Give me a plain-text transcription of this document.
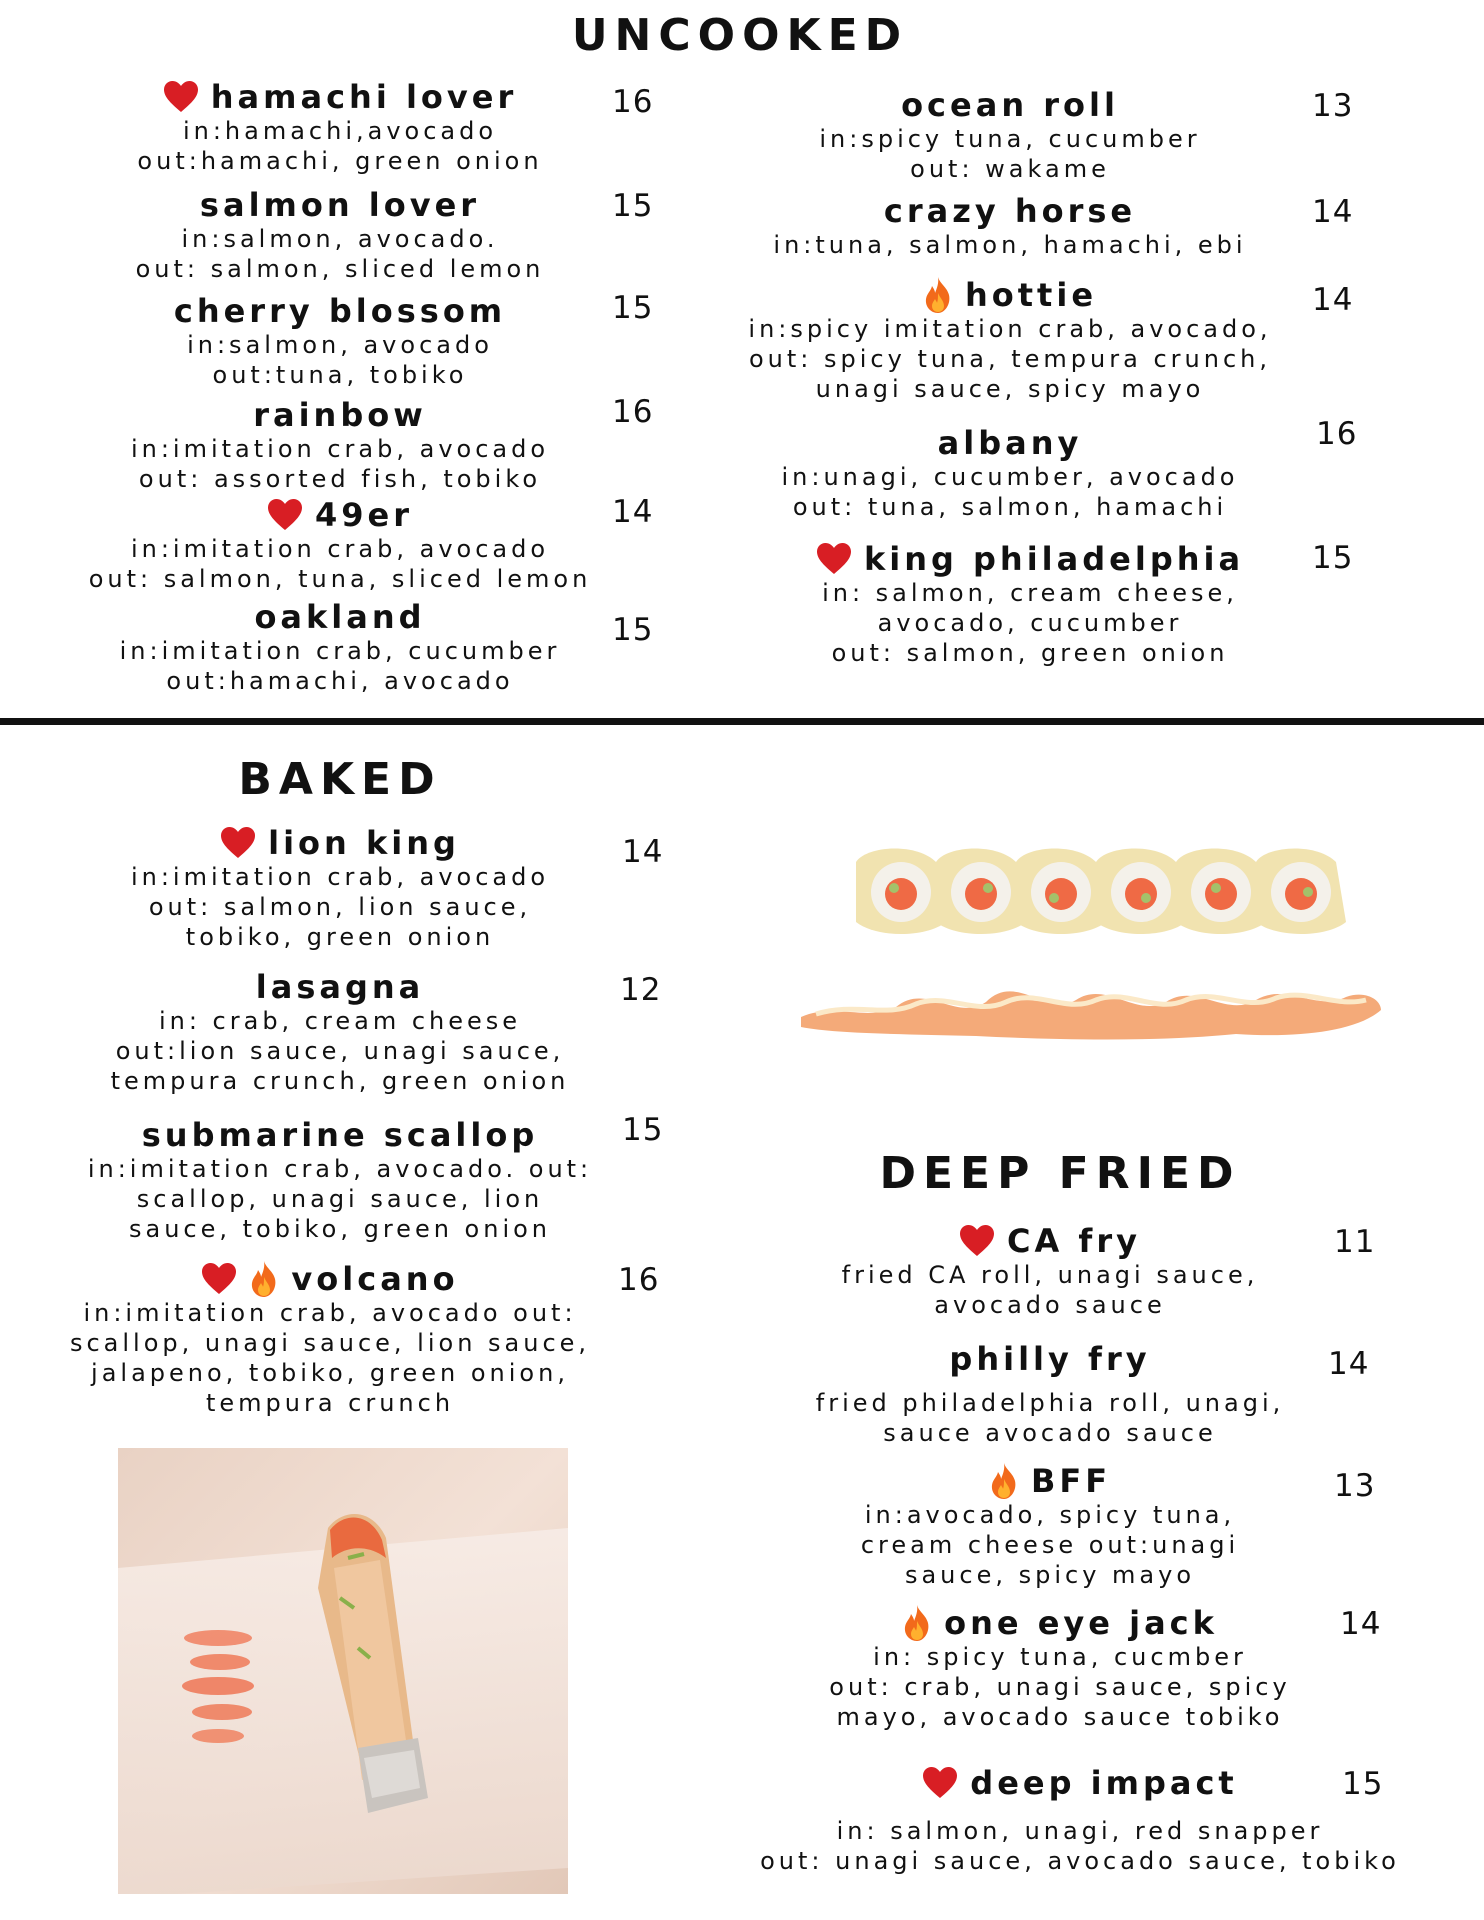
UNCOOKED
hamachi lover
in:hamachi,avocado
out:hamachi, green onion
16
salmon lover
in:salmon, avocado.
out: salmon, sliced lemon
15
cherry blossom
in:salmon, avocado
out:tuna, tobiko
15
rainbow
in:imitation crab, avocado
out: assorted fish, tobiko
16
49er
in:imitation crab, avocado
out: salmon, tuna, sliced lemon
14
oakland
in:imitation crab, cucumber
out:hamachi, avocado
15
ocean roll
in:spicy tuna, cucumber
out: wakame
13
crazy horse
in:tuna, salmon, hamachi, ebi
14
hottie
in:spicy imitation crab, avocado,
out: spicy tuna, tempura crunch,
unagi sauce, spicy mayo
14
albany
in:unagi, cucumber, avocado
out: tuna, salmon, hamachi
16
king philadelphia
in: salmon, cream cheese,
avocado, cucumber
out: salmon, green onion
15
BAKED
lion king
in:imitation crab, avocado
out: salmon, lion sauce,
tobiko, green onion
14
lasagna
in: crab, cream cheese
out:lion sauce, unagi sauce,
tempura crunch, green onion
12
submarine scallop
in:imitation crab, avocado. out:
scallop, unagi sauce, lion
sauce, tobiko, green onion
15
volcano
in:imitation crab, avocado out:
scallop, unagi sauce, lion sauce,
jalapeno, tobiko, green onion,
tempura crunch
16
DEEP FRIED
CA fry
fried CA roll, unagi sauce,
avocado sauce
11
philly fry
fried philadelphia roll, unagi,
sauce avocado sauce
14
BFF
in:avocado, spicy tuna,
cream cheese out:unagi
sauce, spicy mayo
13
one eye jack
in: spicy tuna, cucmber
out: crab, unagi sauce, spicy
mayo, avocado sauce tobiko
14
deep impact
in: salmon, unagi, red snapper
out: unagi sauce, avocado sauce, tobiko
15
